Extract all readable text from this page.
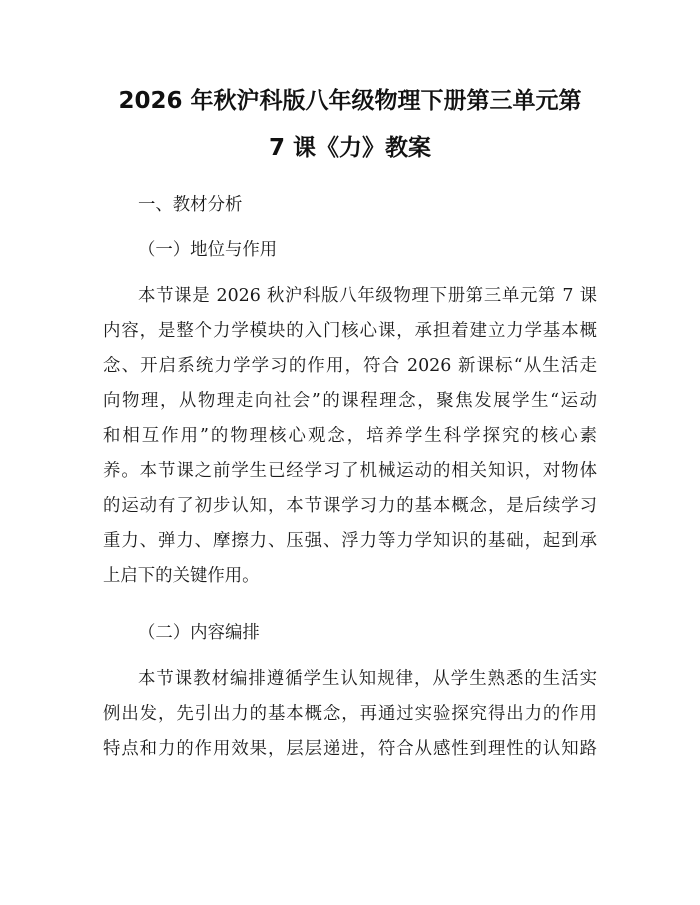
2026 年秋沪科版八年级物理下册第三单元第
7 课《力》教案
一、教材分析
（一）地位与作用
本节课是 2026 秋沪科版八年级物理下册第三单元第 7 课
内容，是整个力学模块的入门核心课，承担着建立力学基本概
念、开启系统力学学习的作用，符合 2026 新课标“从生活走
向物理，从物理走向社会”的课程理念，聚焦发展学生“运动
和相互作用”的物理核心观念，培养学生科学探究的核心素
养。本节课之前学生已经学习了机械运动的相关知识，对物体
的运动有了初步认知，本节课学习力的基本概念，是后续学习
重力、弹力、摩擦力、压强、浮力等力学知识的基础，起到承
上启下的关键作用。
（二）内容编排
本节课教材编排遵循学生认知规律，从学生熟悉的生活实
例出发，先引出力的基本概念，再通过实验探究得出力的作用
特点和力的作用效果，层层递进，符合从感性到理性的认知路
